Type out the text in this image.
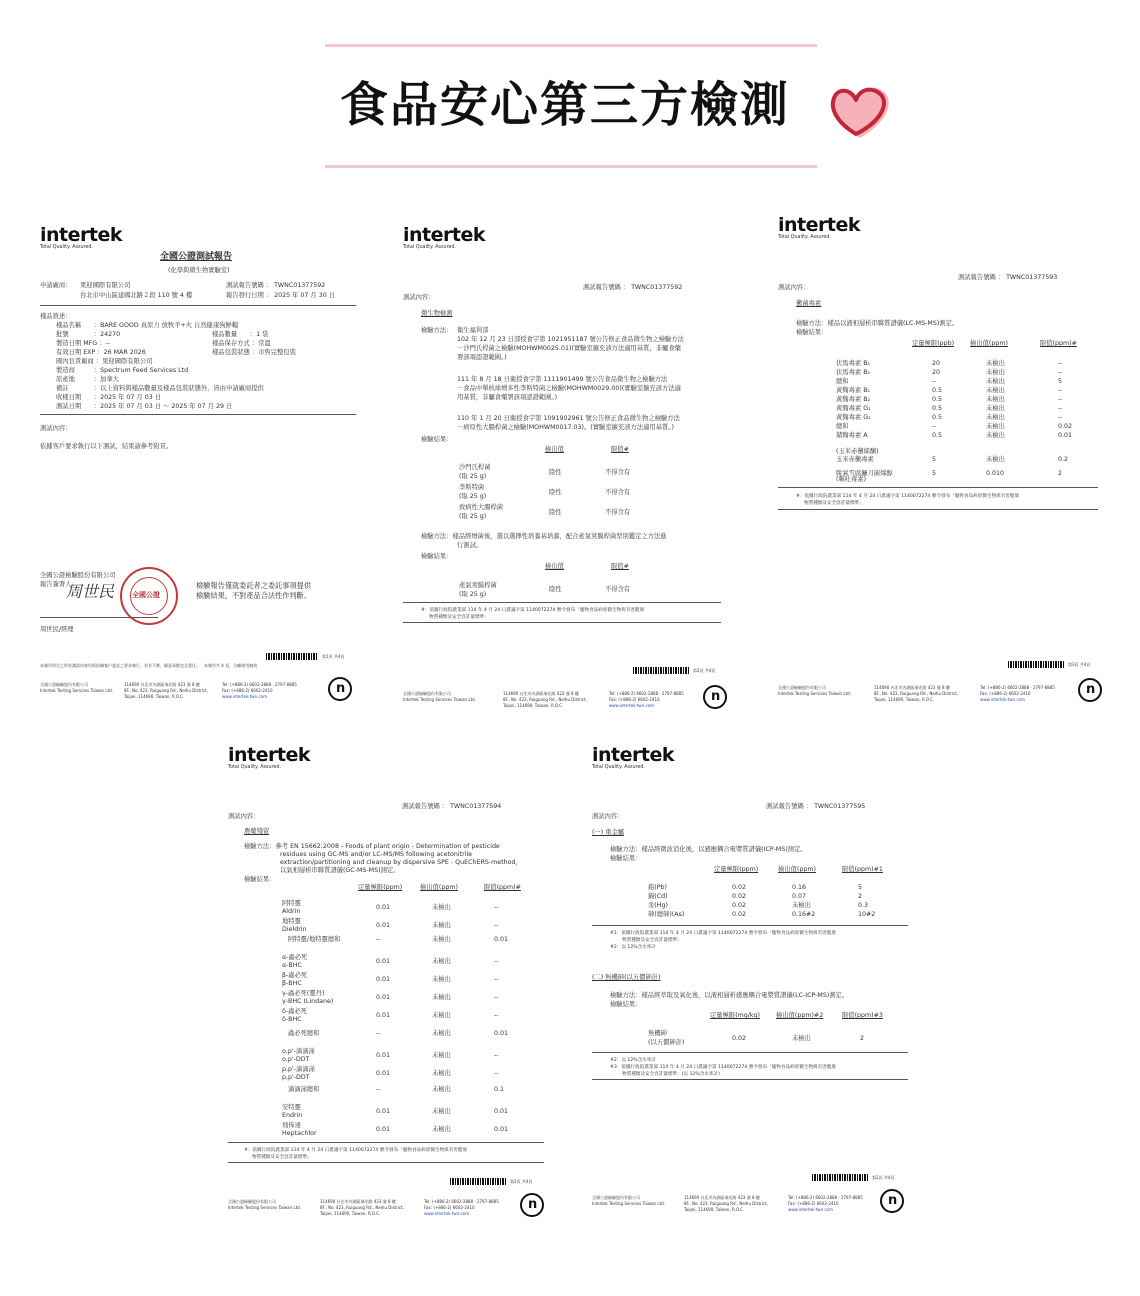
食品安心第三方檢測
intertek
Total Quality. Assured.
全國公證測試報告
(化學與微生物實驗室)
申請廠商： 果迎國際有限公司
台北市中山區建國北路２段 110 號 4 樓
測試報告號碼 ： TWNC01377592
報告發行日期 ： 2025 年 07 月 30 日
樣品敘述：
樣品名稱　　：BARE GOOD 真原力 放牧羊+火 自然健康狗鮮糧
批號　　　　：24270	樣品數量　　：1 袋
製造日期 MFG ：--	樣品保存方式 ：常溫
有效日期 EXP ：26 MAR 2026	樣品包裝狀態 ：市售完整包裝
國內負責廠商 ：果迎國際有限公司
製造商　　　：Spectrum Feed Services Ltd
原產地　　　：加拿大
備註　　　　：以上資料與樣品數量及樣品包裝狀態外，皆由申請廠商提供
收樣日期　　：2025 年 07 月 03 日
測試日期　　：2025 年 07 月 03 日 ～ 2025 年 07 月 29 日
測試內容：
依據客戶要求執行以下測試，結果請參考附頁。
全國公證檢驗股份有限公司
報告簽署人：
周世民	全國公證
周世民/經理
檢驗報告僅就委託者之委託事項提供
檢驗結果，不對產品合法性作判斷。
第1頁 共4頁
本報告所呈之所有測試內容均係依據客戶委託之要求執行。若有不實，願意承擔完全責任。　本報告共 4 頁，分離使用無效
全國公證檢驗股份有限公司
Intertek Testing Services Taiwan Ltd.
114690 台北市內湖區瑞光路 423 號 8 樓
8F., No. 423, Ruiguang Rd., Neihu District,
Taipei, 114690, Taiwan, R.O.C.
Tel: (+886-2) 6602-2888 · 2797-8885
Fax: (+886-2) 6602-2410
www.intertek-twn.com
n
intertek
Total Quality. Assured.
測試報告號碼 ： TWNC01377592
測試內容：
微生物檢測
檢驗方法： 衛生福利部
102 年 12 月 23 日部授食字第 1021951187 號公告修正食品微生物之檢驗方法
－沙門氏桿菌之檢驗(MOHWM0025.01)(實驗室擴充該方法適用基質，非屬食藥
署該項認證範圍。)
111 年 8 月 18 日衛授食字第 1111901499 號公告食品微生物之檢驗方法
－食品中單核球增多性李斯特菌之檢驗(MOHWM0029.00)(實驗室擴充該方法適
用基質，非屬食藥署該項認證範圍。)
110 年 1 月 20 日衛授食字第 1091902961 號公告修正食品微生物之檢驗方法
－病原性大腸桿菌之檢驗(MOHWM0017.03)。(實驗室擴充該方法適用基質。)
檢驗結果：
檢出值	限值#
沙門氏桿菌
(取 25 g)
陰性	不得含有
李斯特菌
(取 25 g)
陰性	不得含有
致病性大腸桿菌
(取 25 g)
陰性	不得含有
檢驗方法：樣品經增菌後，選以選擇性培養基培養，配合產氣莢膜桿菌型別鑑定之方法進
行測試。
檢驗結果：
檢出值	限值#
產氣莢膜桿菌
(取 25 g)
陰性	不得含有
#：依據行政院農業部 114 年 4 月 24 日農議字第 1140072274 號令發布「寵物食品病原微生物與有害健康
物質種類及安全容許量標準」
第2頁 共4頁
全國公證檢驗股份有限公司
Intertek Testing Services Taiwan Ltd.
114690 台北市內湖區瑞光路 423 號 8 樓
8F., No. 423, Ruiguang Rd., Neihu District,
Taipei, 114690, Taiwan, R.O.C.
Tel: (+886-2) 6602-2888 · 2797-8885
Fax: (+886-2) 6602-2410
www.intertek-twn.com
n
intertek
Total Quality. Assured.
測試報告號碼 ： TWNC01377593
測試內容：
黴菌毒素
檢驗方法：樣品以液相層析串聯質譜儀(LC-MS-MS)測定。
檢驗結果：
定量極限(ppb)	檢出值(ppm)	限值(ppm)#
伏馬毒素 B₁	20	未檢出	--
伏馬毒素 B₂	20	未檢出	--
總和	--	未檢出	5
黃麴毒素 B₁	0.5	未檢出	--
黃麴毒素 B₂	0.5	未檢出	--
黃麴毒素 G₁	0.5	未檢出	--
黃麴毒素 G₂	0.5	未檢出	--
總和	--	未檢出	0.02
赭麴毒素 A	0.5	未檢出	0.01
玉米赤黴毒素	5	未檢出	0.2
脫氧雪腐鐮刀菌烯醇	5	0.010	2
(玉米赤黴烯酮)
(嘔吐毒素)
#：依據行政院農業部 114 年 4 月 24 日農議字第 1140072274 號令發布「寵物食品病原微生物與有害健康
物質種類及安全容許量標準」
第3頁 共4頁
全國公證檢驗股份有限公司
Intertek Testing Services Taiwan Ltd.
114690 台北市內湖區瑞光路 423 號 8 樓
8F., No. 423, Ruiguang Rd., Neihu District,
Taipei, 114690, Taiwan, R.O.C.
Tel: (+886-2) 6602-2888 · 2797-8885
Fax: (+886-2) 6602-2410
www.intertek-twn.com
n
intertek
Total Quality. Assured.
測試報告號碼 ： TWNC01377594
測試內容：
農藥殘留
檢驗方法：參考 EN 15662:2008 - Foods of plant origin - Determination of pesticide
residues using GC-MS and/or LC-MS/MS following acetonitrile
extraction/partitioning and cleanup by dispersive SPE - QuEChERS-method，
以氣相層析串聯質譜儀(GC-MS-MS)測定。
檢驗結果：
定量極限(ppm)	檢出值(ppm)	限值(ppm)#
阿特靈
Aldrin
0.01	未檢出	--
地特靈
Dieldrin
0.01	未檢出	--
阿特靈/地特靈總和	--	未檢出	0.01
α-蟲必死
α-BHC
0.01	未檢出	--
β-蟲必死
β-BHC
0.01	未檢出	--
γ-蟲必死(靈丹)
γ-BHC (Lindane)
0.01	未檢出	--
δ-蟲必死
δ-BHC
0.01	未檢出	--
蟲必死總和	--	未檢出	0.01
o,p'-滴滴涕
o,p'-DDT
0.01	未檢出	--
p,p'-滴滴涕
p,p'-DDT
0.01	未檢出	--
滴滴涕總和	--	未檢出	0.1
安特靈
Endrin
0.01	未檢出	0.01
飛佈達
Heptachlor
0.01	未檢出	0.01
#：依據行政院農業部 114 年 4 月 24 日農議字第 1140072274 號令發布「寵物食品病原微生物與有害健康
物質種類及安全容許量標準」
第2頁 共4頁
全國公證檢驗股份有限公司
Intertek Testing Services Taiwan Ltd.
114690 台北市內湖區瑞光路 423 號 8 樓
8F., No. 423, Ruiguang Rd., Neihu District,
Taipei, 114690, Taiwan, R.O.C.
Tel: (+886-2) 6602-2888 · 2797-8885
Fax: (+886-2) 6602-2410
www.intertek-twn.com
n
intertek
Total Quality. Assured.
測試報告號碼 ： TWNC01377595
測試內容：
(一) 重金屬
檢驗方法：樣品經微波消化後，以感應耦合電漿質譜儀(ICP-MS)測定。
檢驗結果：
定量極限(ppm)	檢出值(ppm)	限值(ppm)#1
鉛(Pb)	0.02	0.16	5
鎘(Cd)	0.02	0.07	2
汞(Hg)	0.02	未檢出	0.3
砷(總砷)(As)	0.02	0.16#2	10#2
#1：依據行政院農業部 114 年 4 月 24 日農議字第 1140072274 號令發布「寵物食品病原微生物與有害健康
物質種類及安全容許量標準」
#2：以 12%含水率計
(二) 無機砷(以五價砷計)
檢驗方法：樣品經萃取及氧化後，以液相層析感應耦合電漿質譜儀(LC-ICP-MS)測定。
檢驗結果：
定量極限(mg/kg)	檢出值(ppm)#2	限值(ppm)#3
無機砷
(以五價砷計)
0.02	未檢出	2
#2：以 12%含水率計
#3：依據行政院農業部 114 年 4 月 24 日農議字第 1140072274 號令發布「寵物食品病原微生物與有害健康
物質種類及安全容許量標準」(以 12%含水率計)
第2頁 共4頁
全國公證檢驗股份有限公司
Intertek Testing Services Taiwan Ltd.
114690 台北市內湖區瑞光路 423 號 8 樓
8F., No. 423, Ruiguang Rd., Neihu District,
Taipei, 114690, Taiwan, R.O.C.
Tel: (+886-2) 6602-2888 · 2797-8885
Fax: (+886-2) 6602-2410
www.intertek-twn.com
n
